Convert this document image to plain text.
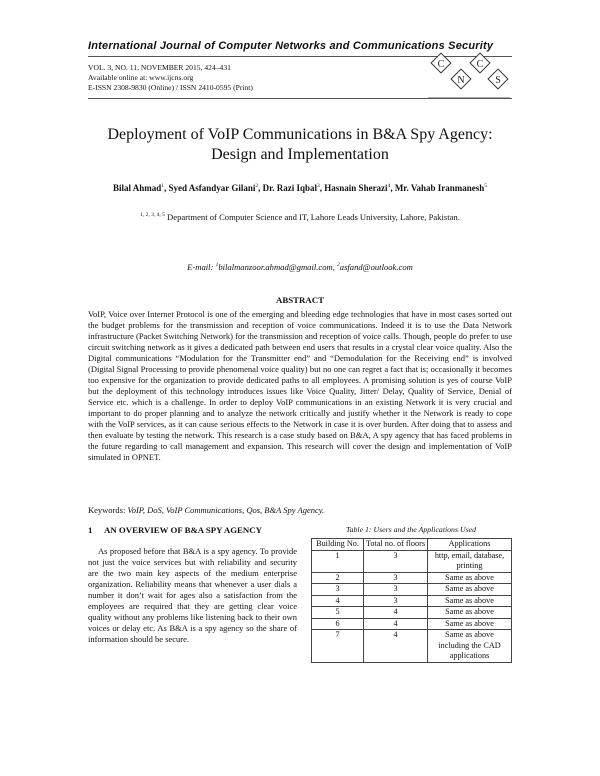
International Journal of Computer Networks and Communications Security
VOL. 3, NO. 11, NOVEMBER 2015, 424–431
Available online at: www.ijcns.org
E-ISSN 2308-9830 (Online) / ISSN 2410-0595 (Print)
C
N
C
S
Deployment of VoIP Communications in B&A Spy Agency:
Design and Implementation
Bilal Ahmad$^1$, Syed Asfandyar Gilani$^2$, Dr. Razi Iqbal$^3$, Hasnain Sherazi$^4$, Mr. Vahab Iranmanesh$^5$
$^{1, 2, 3, 4, 5}$ Department of Computer Science and IT, Lahore Leads University, Lahore, Pakistan.
E-mail: $^1$bilalmanzoor.ahmad@gmail.com, $^2$asfand@outlook.com
ABSTRACT
VoIP, Voice over Internet Protocol is one of the emerging and bleeding edge technologies that have in most cases sorted out the budget problems for the transmission and reception of voice communications. Indeed it is to use the Data Network infrastructure (Packet Switching Network) for the transmission and reception of voice calls. Though, people do prefer to use circuit switching network as it gives a dedicated path between end users that results in a crystal clear voice quality. Also the Digital communications “Modulation for the Transmitter end” and “Demodulation for the Receiving end” is involved (Digital Signal Processing to provide phenomenal voice quality) but no one can regret a fact that is; occasionally it becomes too expensive for the organization to provide dedicated paths to all employees. A promising solution is yes of course VoIP but the deployment of this technology introduces issues like Voice Quality, Jitter/ Delay, Quality of Service, Denial of Service etc. which is a challenge. In order to deploy VoIP communications in an existing Network it is very crucial and important to do proper planning and to analyze the network critically and justify whether it the Network is ready to cope with the VoIP services, as it can cause serious effects to the Network in case it is over burden. After doing that to assess and then evaluate by testing the network. This research is a case study based on B&A, A spy agency that has faced problems in the future regarding to call management and expansion. This research will cover the design and implementation of VoIP simulated in OPNET.
Keywords: VoIP, DoS, VoIP Communications, Qos, B&A Spy Agency.
1 AN OVERVIEW OF B&A SPY AGENCY
As proposed before that B&A is a spy agency. To provide not just the voice services but with reliability and security are the two main key aspects of the medium enterprise organization. Reliability means that whenever a user dials a number it don’t wait for ages also a satisfaction from the employees are required that they are getting clear voice quality without any problems like listening back to their own voices or delay etc. As B&A is a spy agency so the share of information should be secure.
Table 1: Users and the Applications Used
Building No.	Total no. of floors	Applications
1	3	http, email, database, printing
2	3	Same as above
3	3	Same as above
4	3	Same as above
5	4	Same as above
6	4	Same as above
7	4	Same as above including the CAD applications
